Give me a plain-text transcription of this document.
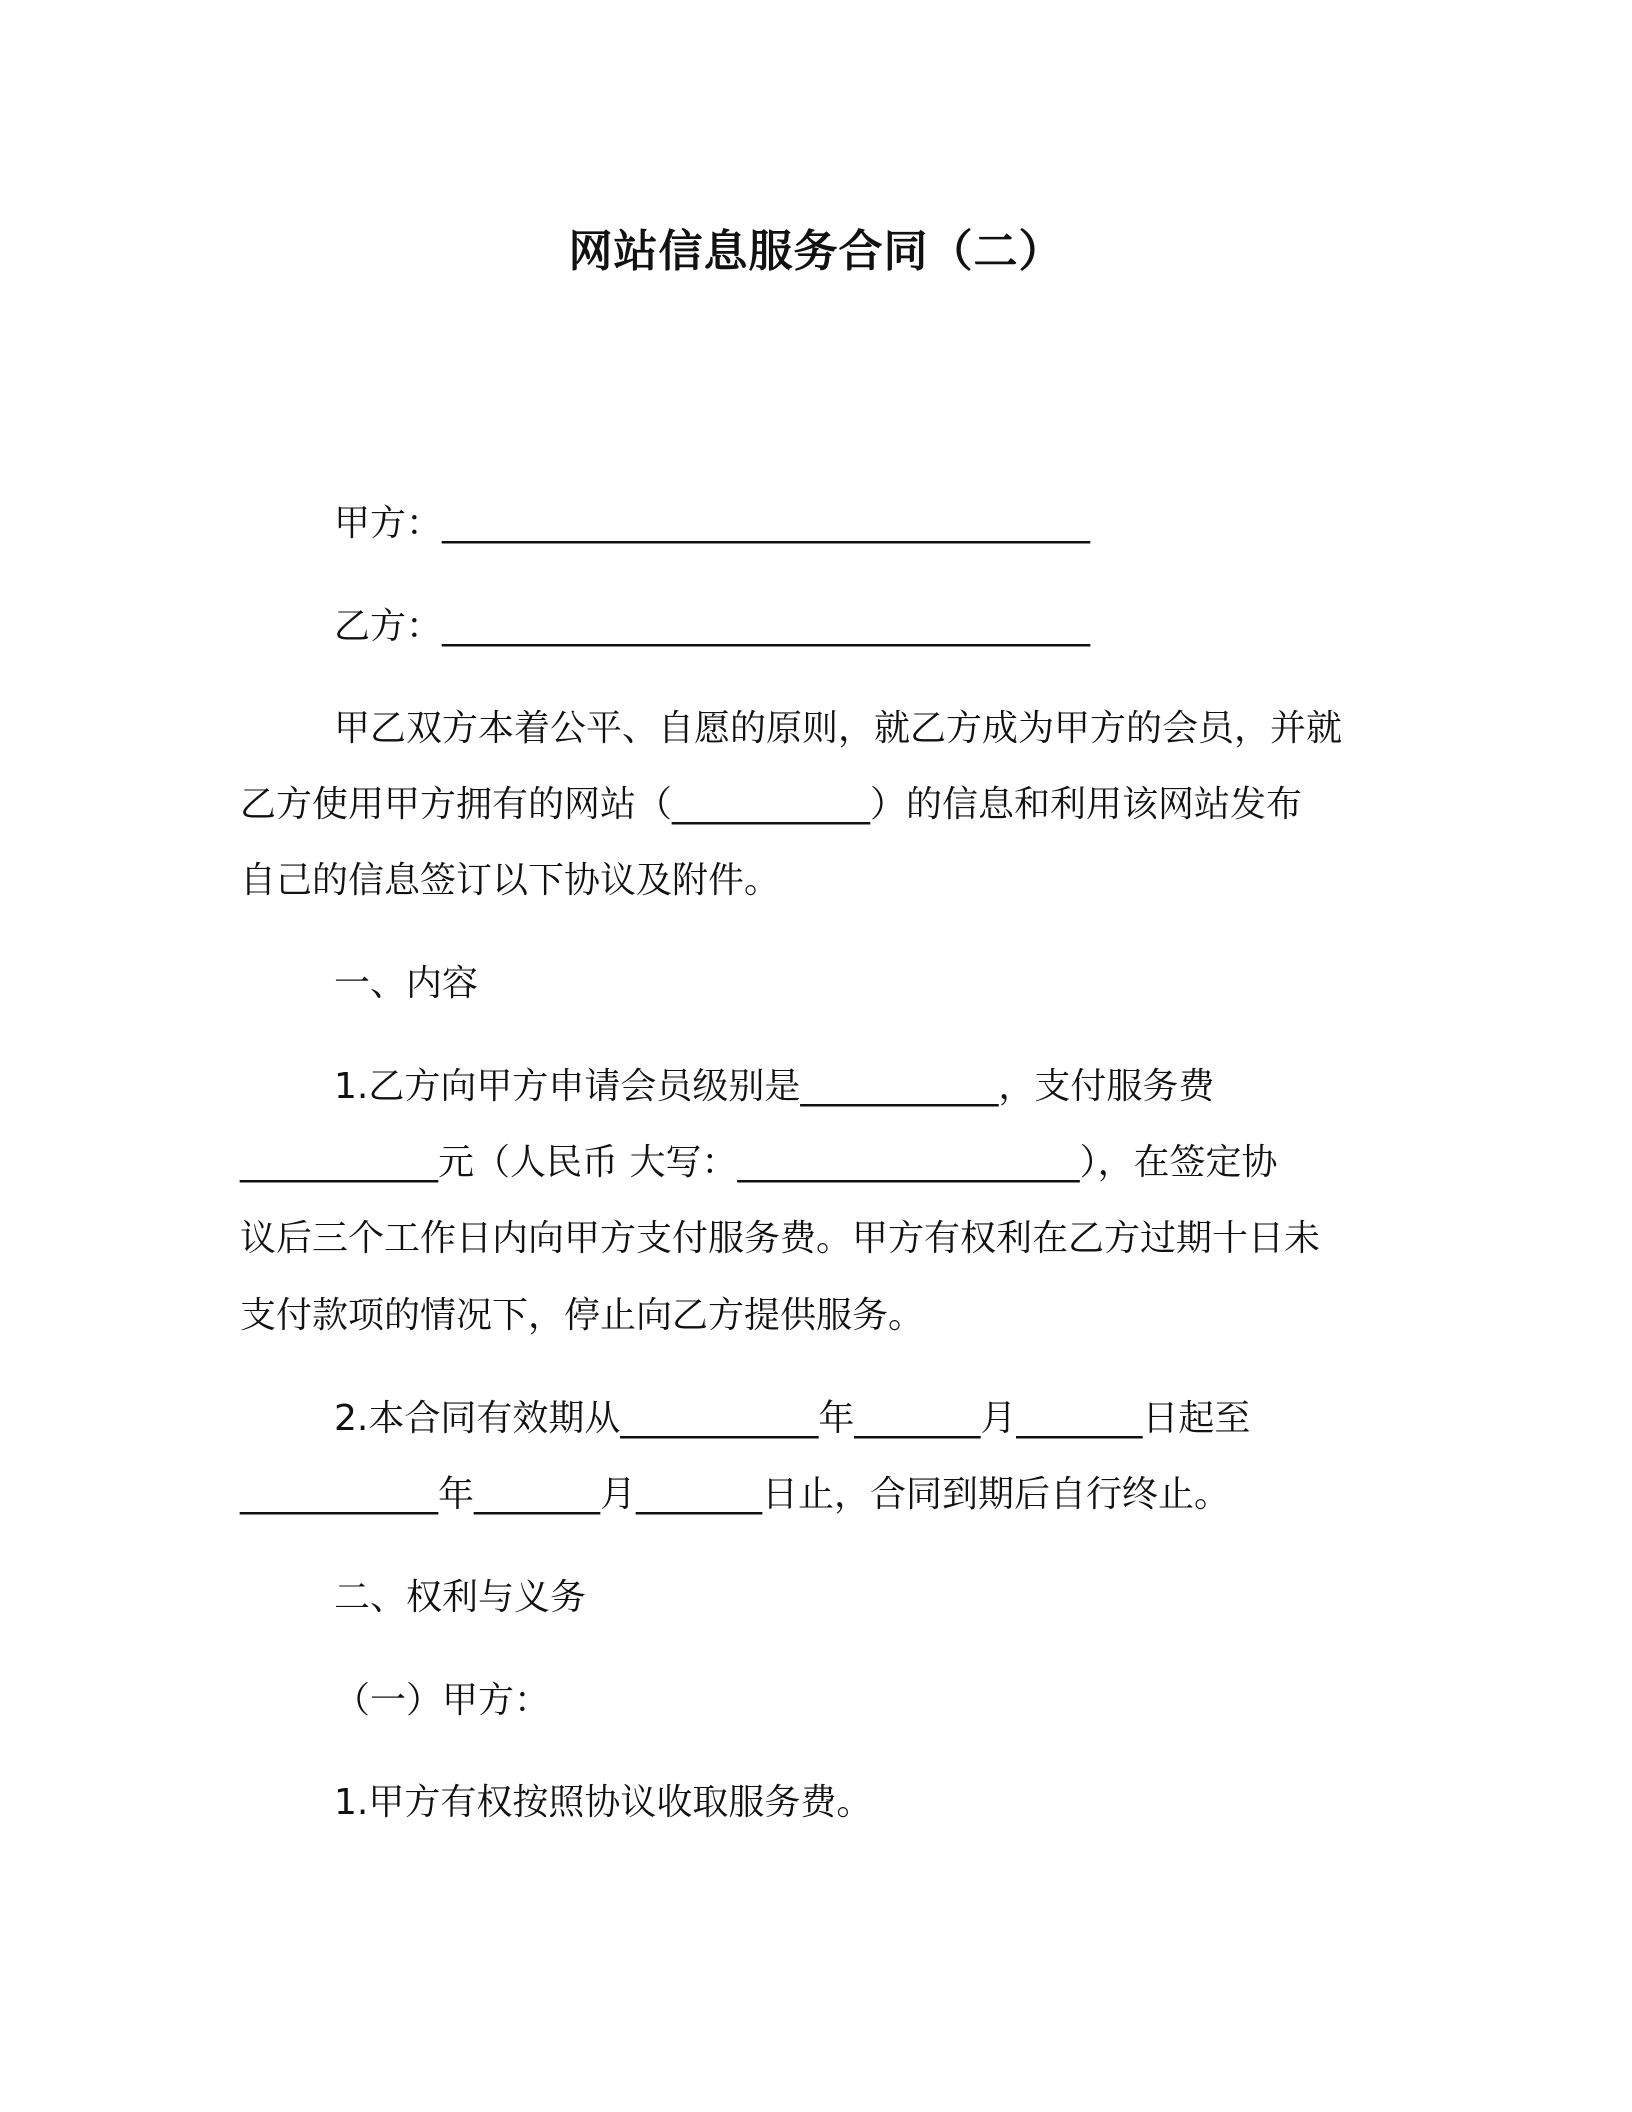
网站信息服务合同（二）
甲方：____________________________________
乙方：____________________________________
甲乙双方本着公平、自愿的原则，就乙方成为甲方的会员，并就
乙方使用甲方拥有的网站（___________）的信息和利用该网站发布
自己的信息签订以下协议及附件。
一、内容
1.乙方向甲方申请会员级别是___________，支付服务费
___________元（人民币 大写：___________________），在签定协
议后三个工作日内向甲方支付服务费。甲方有权利在乙方过期十日未
支付款项的情况下，停止向乙方提供服务。
2.本合同有效期从___________年_______月_______日起至
___________年_______月_______日止，合同到期后自行终止。
二、权利与义务
（一）甲方：
1.甲方有权按照协议收取服务费。
